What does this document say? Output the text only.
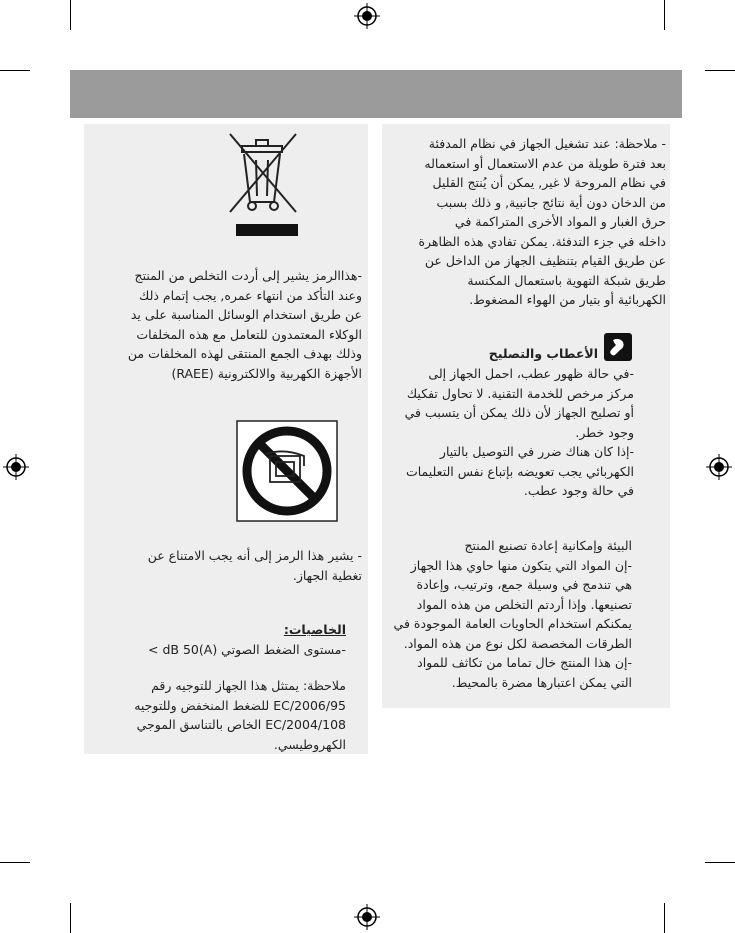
-هذاالرمز يشير إلى أردت التخلص من المنتج
وعند التأكد من انتهاء عمره, يجب إتمام ذلك
عن طريق استخدام الوسائل المناسبة على يد
الوكلاء المعتمدون للتعامل مع هذه المخلفات
وذلك بهدف الجمع المنتقى لهذه المخلفات من
الأجهزة الكهربية والالكترونية (RAEE)
- يشير هذا الرمز إلى أنه يجب الامتناع عن
تغطية الجهاز.
الخاصيات:
-مستوى الضغط الصوتي (A)dB 50 >
ملاحظة: يمتثل هذا الجهاز للتوجيه رقم
2006/95/EC للضغط المنخفض وللتوجيه
2004/108/EC الخاص بالتناسق الموجي
الكهروطيسي.
- ملاحظة: عند تشغيل الجهاز في نظام المدفئة
بعد فترة طويلة من عدم الاستعمال أو استعماله
في نظام المروحة لا غير, يمكن أن يُنتج القليل
من الدخان دون أية نتائج جانبية, و ذلك بسبب
حرق الغبار و المواد الأخرى المتراكمة في
داخله في جزء التدفئة. يمكن تفادي هذه الظاهرة
عن طريق القيام بتنظيف الجهاز من الداخل عن
طريق شبكة التهوية باستعمال المكنسة
الكهربائية أو بتيار من الهواء المضغوط.
الأعطاب والتصليح
-في حالة ظهور عطب، احمل الجهاز إلى
مركز مرخص للخدمة التقنية. لا تحاول تفكيك
أو تصليح الجهاز لأن ذلك يمكن أن يتسبب في
وجود خطر.
-إذا كان هناك ضرر في التوصيل بالتيار
الكهربائي يجب تعويضه بإتباع نفس التعليمات
في حالة وجود عطب.
البيئة وإمكانية إعادة تصنيع المنتج
-إن المواد التي يتكون منها حاوي هذا الجهاز
هي تندمج في وسيلة جمع، وترتيب، وإعادة
تصنيعها. وإذا أردتم التخلص من هذه المواد
يمكنكم استخدام الحاويات العامة الموجودة في
الطرقات المخصصة لكل نوع من هذه المواد.
-إن هذا المنتج خال تماما من تكاثف للمواد
التي يمكن اعتبارها مضرة بالمحيط.
